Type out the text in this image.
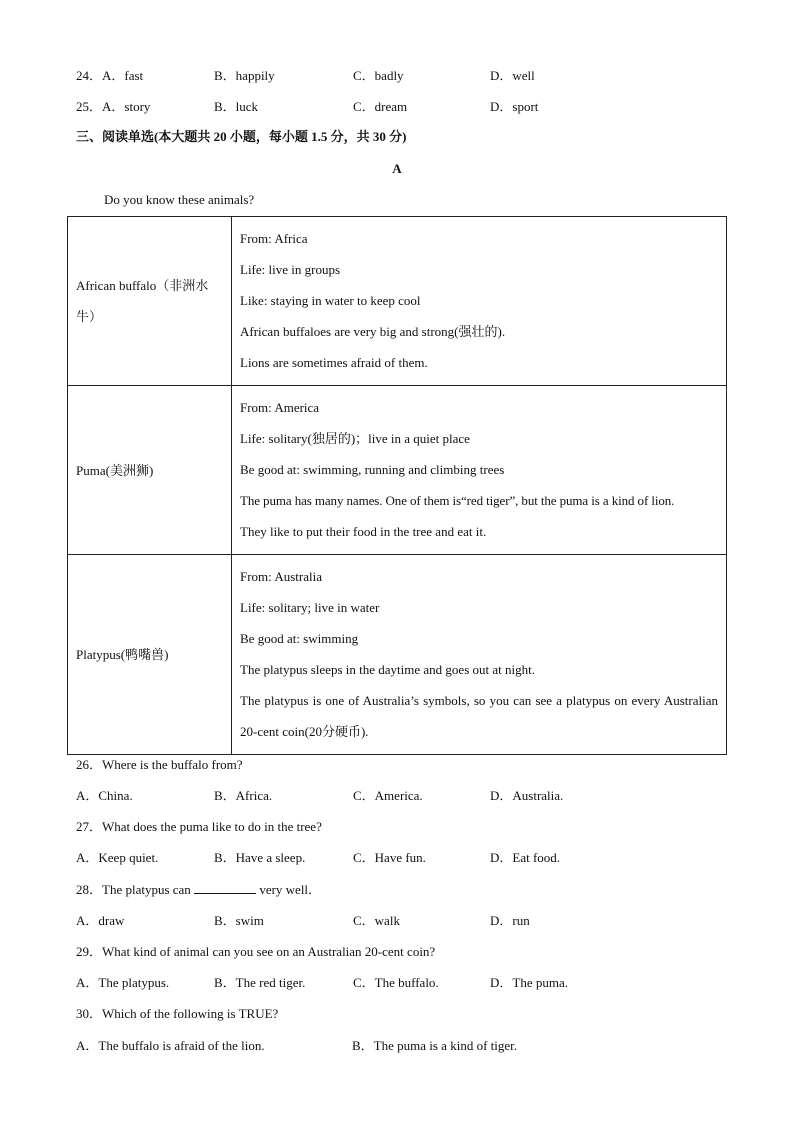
24．A．fast	B．happily	C．badly	D．well
25．A．story	B．luck	C．dream	D．sport
三、阅读单选(本大题共 20 小题，每小题 1.5 分，共 30 分)
A
Do you know these animals?
African buffalo（非洲水牛）	From: Africa
Life: live in groups
Like: staying in water to keep cool
African buffaloes are very big and strong(强壮的).
Lions are sometimes afraid of them.

Puma(美洲狮)	From: America
Life: solitary(独居的)；live in a quiet place
Be good at: swimming, running and climbing trees
The puma has many names. One of them is“red tiger”, but the puma is a kind of lion.
They like to put their food in the tree and eat it.

Platypus(鸭嘴兽)	From: Australia
Life: solitary; live in water
Be good at: swimming
The platypus sleeps in the daytime and goes out at night.
The platypus is one of Australia’s symbols, so you can see a platypus on every Australian 20-cent coin(20分硬币).
26．Where is the buffalo from?
A．China.	B．Africa.	C．America.	D．Australia.
27．What does the puma like to do in the tree?
A．Keep quiet.	B．Have a sleep.	C．Have fun.	D．Eat food.
28．The platypus can	very well．
A．draw	B．swim	C．walk	D．run
29．What kind of animal can you see on an Australian 20-cent coin?
A．The platypus.	B．The red tiger.	C．The buffalo.	D．The puma.
30．Which of the following is TRUE?
A．The buffalo is afraid of the lion.	B．The puma is a kind of tiger.
